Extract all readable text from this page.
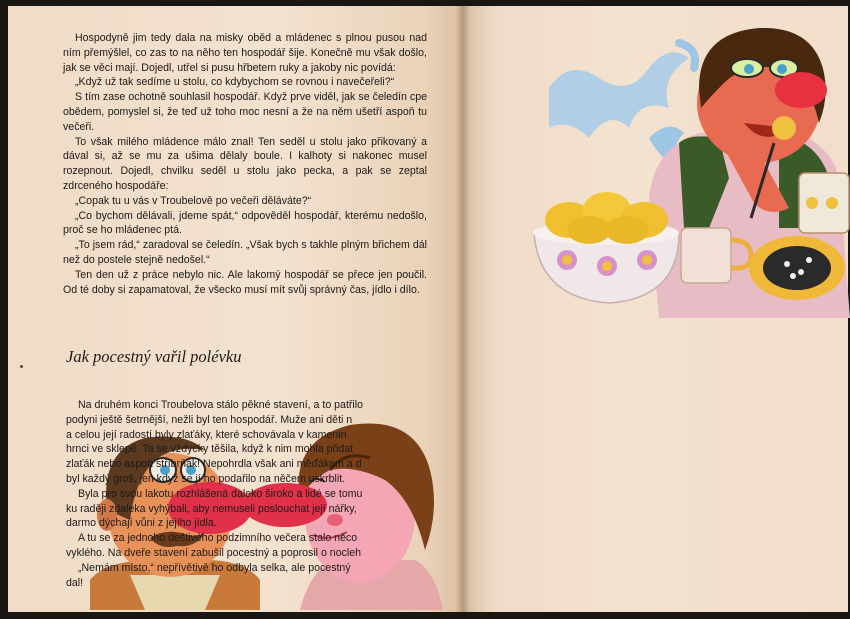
Hospodyně jim tedy dala na misky oběd a mládenec s plnou pusou nad ním přemýšlel, co zas to na něho ten hospodář šije. Konečně mu však došlo, jak se věci mají. Dojedl, utřel si pusu hřbetem ruky a jakoby nic povídá:

„Když už tak sedíme u stolu, co kdybychom se rovnou i navečeřeli?“

S tím zase ochotně souhlasil hospodář. Když prve viděl, jak se čeledín cpe obědem, pomyslel si, že teď už toho moc nesní a že na něm ušetří aspoň tu večeři.

To však milého mládence málo znal! Ten seděl u stolu jako přikovaný a dával si, až se mu za ušima dělaly boule. I kalhoty si nakonec musel rozepnout. Dojedl, chvilku seděl u stolu jako pecka, a pak se zeptal zdrceného hospodáře:

„Copak tu u vás v Troubelově po večeři děláváte?“

„Co bychom dělávali, jdeme spát,“ odpověděl hospodář, kterému nedošlo, proč se ho mládenec ptá.

„To jsem rád,“ zaradoval se čeledín. „Však bych s takhle plným břichem dál než do postele stejně nedošel.“

Ten den už z práce nebylo nic. Ale lakomý hospodář se přece jen poučil. Od té doby si zapamatoval, že všecko musí mít svůj správný čas, jídlo i dílo.

Jak pocestný vařil polévku

Na druhém konci Troubelova stálo pěkné stavení, a to patřilo

podyni ještě šetrnější, nežli byl ten hospodář. Muže ani děti n

a celou její radostí byly zlaťáky, které schovávala v kamenin

hrnci ve sklepě. Ta se vždycky těšila, když k nim mohla přidat

zlaťák nebo aspoň stříbrňák! Nepohrdla však ani měďákem a d

byl každý groš, jen když se jí ho podařilo na něčem uskrblit.

Byla pro svou lakotu rozhlášená daleko široko a lidé se tomu

ku raději zdaleka vyhýbali, aby nemuseli poslouchat její nářky,

darmo dýchají vůni z jejího jídla.

A tu se za jednoho deštivého podzimního večera stalo něco

vyklého. Na dveře stavení zabušil pocestný a poprosil o nocleh

„Nemám místo,“ nepřívětivě ho odbyla selka, ale pocestný

dal!
